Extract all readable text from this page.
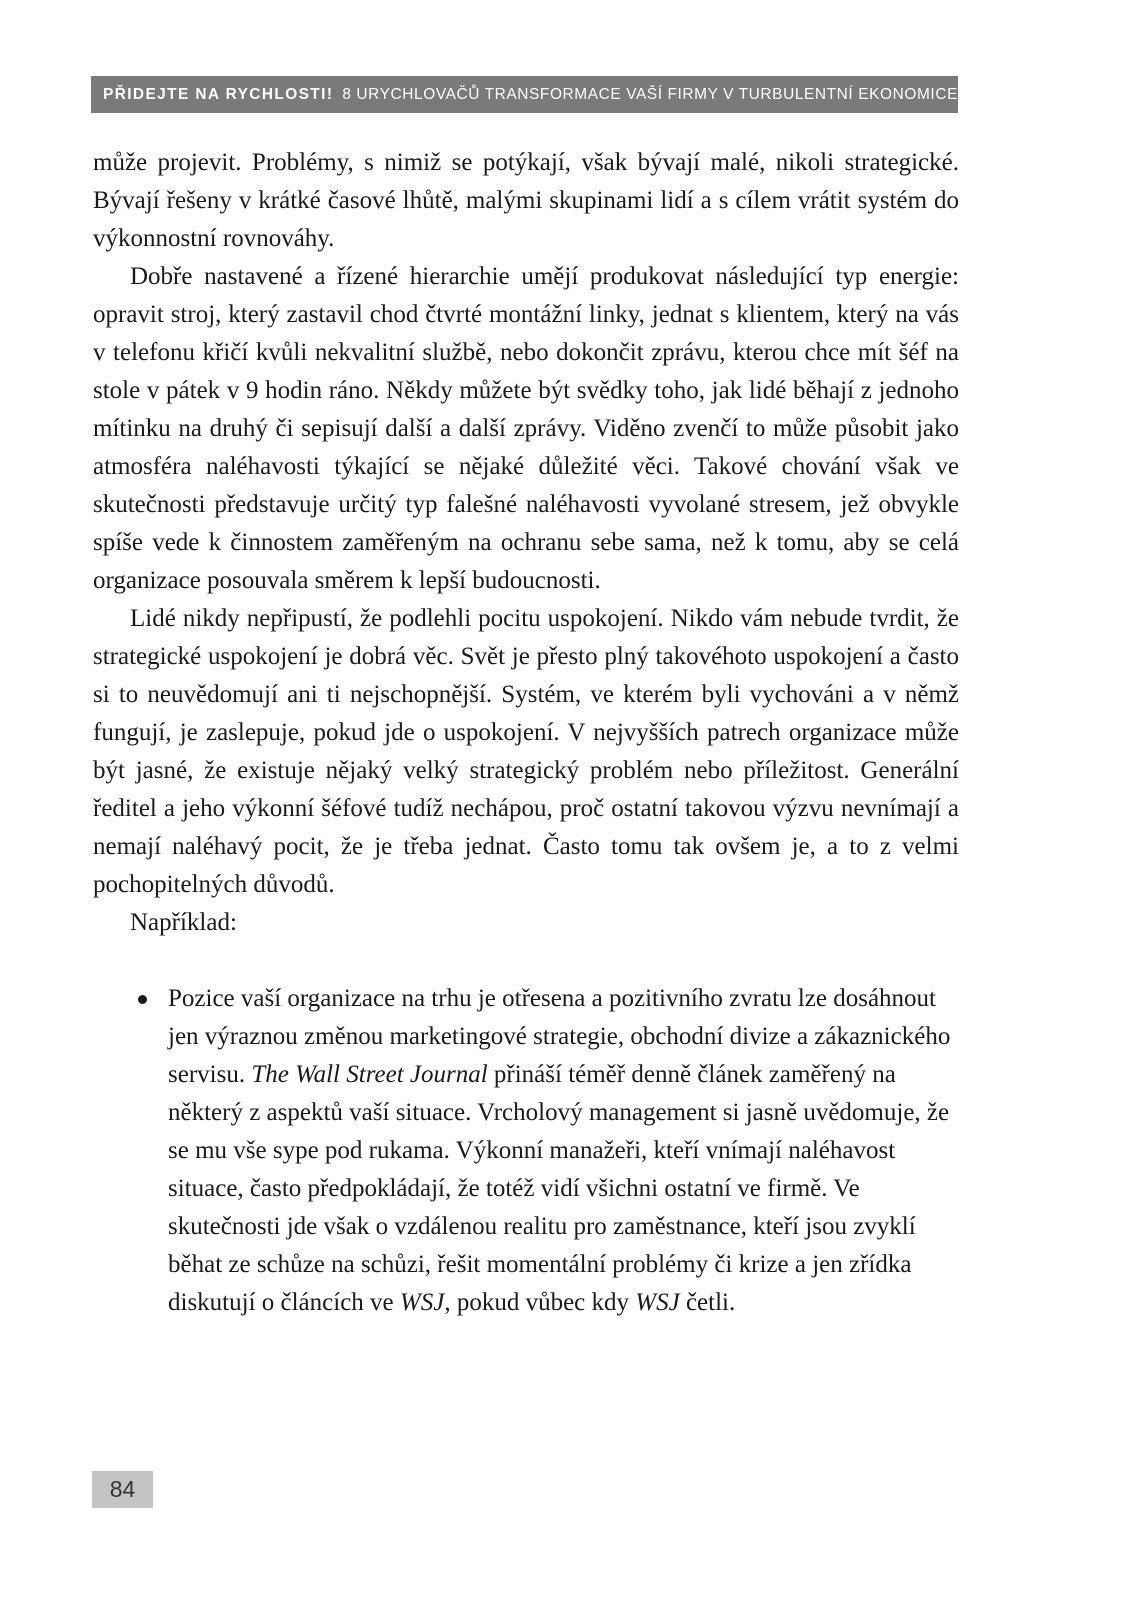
PŘIDEJTE NA RYCHLOSTI! 8 URYCHLOVAČŮ TRANSFORMACE VAŠÍ FIRMY V TURBULENTNÍ EKONOMICE

může projevit. Problémy, s nimiž se potýkají, však bývají malé, nikoli strategické. Bývají řešeny v krátké časové lhůtě, malými skupinami lidí a s cílem vrátit systém do výkonnostní rovnováhy.

Dobře nastavené a řízené hierarchie umějí produkovat následující typ energie: opravit stroj, který zastavil chod čtvrté montážní linky, jednat s klientem, který na vás v telefonu křičí kvůli nekvalitní službě, nebo dokončit zprávu, kterou chce mít šéf na stole v pátek v 9 hodin ráno. Někdy můžete být svědky toho, jak lidé běhají z jednoho mítinku na druhý či sepisují další a další zprávy. Viděno zvenčí to může působit jako atmosféra naléhavosti týkající se nějaké důležité věci. Takové chování však ve skutečnosti představuje určitý typ falešné naléhavosti vyvolané stresem, jež obvykle spíše vede k činnostem zaměřeným na ochranu sebe sama, než k tomu, aby se celá organizace posouvala směrem k lepší budoucnosti.

Lidé nikdy nepřipustí, že podlehli pocitu uspokojení. Nikdo vám nebude tvrdit, že strategické uspokojení je dobrá věc. Svět je přesto plný takovéhoto uspokojení a často si to neuvědomují ani ti nejschopnější. Systém, ve kterém byli vychováni a v němž fungují, je zaslepuje, pokud jde o uspokojení. V nejvyšších patrech organizace může být jasné, že existuje nějaký velký strategický problém nebo příležitost. Generální ředitel a jeho výkonní šéfové tudíž nechápou, proč ostatní takovou výzvu nevnímají a nemají naléhavý pocit, že je třeba jednat. Často tomu tak ovšem je, a to z velmi pochopitelných důvodů.

Například:

Pozice vaší organizace na trhu je otřesena a pozitivního zvratu lze dosáhnout jen výraznou změnou marketingové strategie, obchodní divize a zákaznického servisu. The Wall Street Journal přináší téměř denně článek zaměřený na některý z aspektů vaší situace. Vrcholový management si jasně uvědomuje, že se mu vše sype pod rukama. Výkonní manažeři, kteří vnímají naléhavost situace, často předpokládají, že totéž vidí všichni ostatní ve firmě. Ve skutečnosti jde však o vzdálenou realitu pro zaměstnance, kteří jsou zvyklí běhat ze schůze na schůzi, řešit momentální problémy či krize a jen zřídka diskutují o článcích ve WSJ, pokud vůbec kdy WSJ četli.
84
